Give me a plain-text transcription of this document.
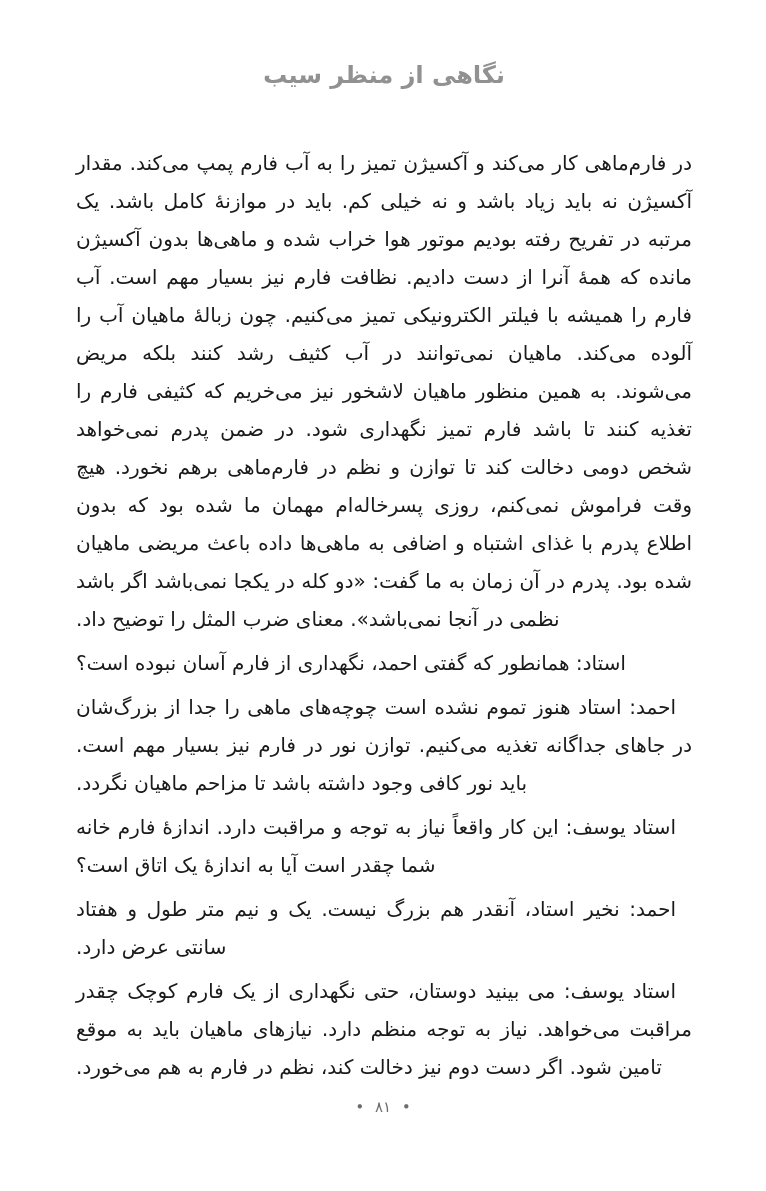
نگاهی از منظر سیب

در فارم‌ماهی کار می‌کند و آکسیژن تمیز را به آب فارم پمپ می‌کند. مقدار آکسیژن نه باید زیاد باشد و نه خیلی کم. باید در موازنهٔ کامل باشد. یک مرتبه در تفریح رفته بودیم موتور هوا خراب شده و ماهی‌ها بدون آکسیژن مانده که همهٔ آنرا از دست دادیم. نظافت فارم نیز بسیار مهم است. آب فارم را همیشه با فیلتر الکترونیکی تمیز می‌کنیم. چون زبالهٔ ماهیان آب را آلوده می‌کند. ماهیان نمی‌توانند در آب کثیف رشد کنند بلکه مریض می‌شوند. به همین منظور ماهیان لاشخور نیز می‌خریم که کثیفی فارم را تغذیه کنند تا باشد فارم تمیز نگهداری شود. در ضمن پدرم نمی‌خواهد شخص دومی دخالت کند تا توازن و نظم در فارم‌ماهی برهم نخورد. هیچ وقت فراموش نمی‌کنم، روزی پسرخاله‌ام مهمان ما شده بود که بدون اطلاع پدرم با غذای اشتباه و اضافی به ماهی‌ها داده باعث مریضی ماهیان شده بود. پدرم در آن زمان به ما گفت: «دو کله در یکجا نمی‌باشد اگر باشد نظمی در آنجا نمی‌باشد». معنای ضرب المثل را توضیح داد.

استاد: همانطور که گفتی احمد، نگهداری از فارم آسان نبوده است؟

احمد: استاد هنوز تموم نشده است چوچه‌های ماهی را جدا از بزرگ‌شان در جاهای جداگانه تغذیه می‌کنیم. توازن نور در فارم نیز بسیار مهم است. باید نور کافی وجود داشته باشد تا مزاحم ماهیان نگردد.

استاد یوسف: این کار واقعاً نیاز به توجه و مراقبت دارد. اندازهٔ فارم خانه شما چقدر است آیا به اندازهٔ یک اتاق است؟

احمد: نخیر استاد، آنقدر هم بزرگ نیست. یک و نیم متر طول و هفتاد سانتی عرض دارد.

استاد یوسف: می بینید دوستان، حتی نگهداری از یک فارم کوچک چقدر مراقبت می‌خواهد. نیاز به توجه منظم دارد. نیازهای ماهیان باید به موقع تامین شود. اگر دست دوم نیز دخالت کند، نظم در فارم به هم می‌خورد.

• ۸۱ •
